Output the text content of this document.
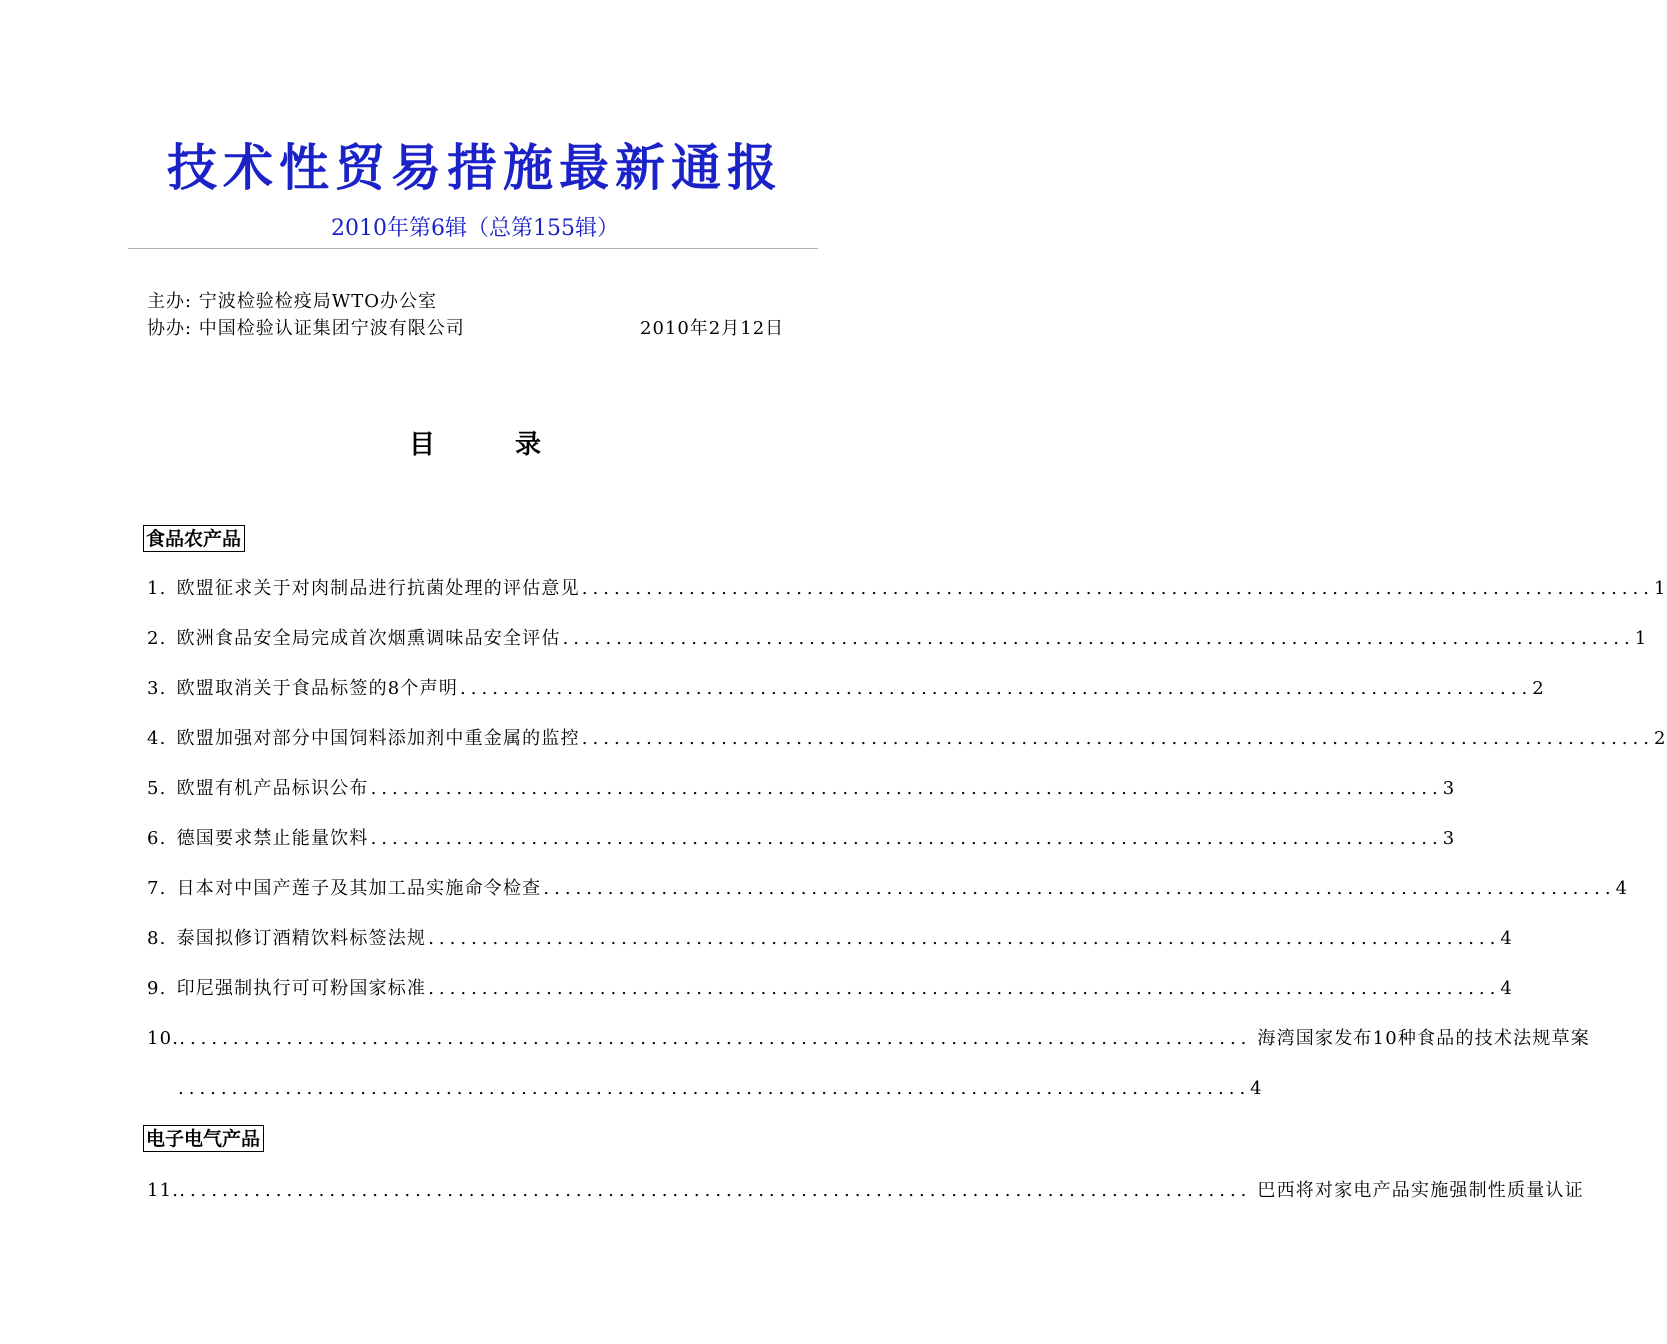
技术性贸易措施最新通报
2010年第6辑（总第155辑）
主办: 宁波检验检疫局WTO办公室
协办: 中国检验认证集团宁波有限公司	2010年2月12日
目录
食品农产品
1. 欧盟征求关于对肉制品进行抗菌处理的评估意见 .................................................................................................... 1
2. 欧洲食品安全局完成首次烟熏调味品安全评估 .................................................................................................... 1
3. 欧盟取消关于食品标签的8个声明 .................................................................................................... 2
4. 欧盟加强对部分中国饲料添加剂中重金属的监控 .................................................................................................... 2
5. 欧盟有机产品标识公布 .................................................................................................... 3
6. 德国要求禁止能量饮料 .................................................................................................... 3
7. 日本对中国产莲子及其加工品实施命令检查 .................................................................................................... 4
8. 泰国拟修订酒精饮料标签法规 .................................................................................................... 4
9. 印尼强制执行可可粉国家标准 .................................................................................................... 4
10. .................................................................................................... 海湾国家发布10种食品的技术法规草案
.................................................................................................... 4
电子电气产品
11. .................................................................................................... 巴西将对家电产品实施强制性质量认证
